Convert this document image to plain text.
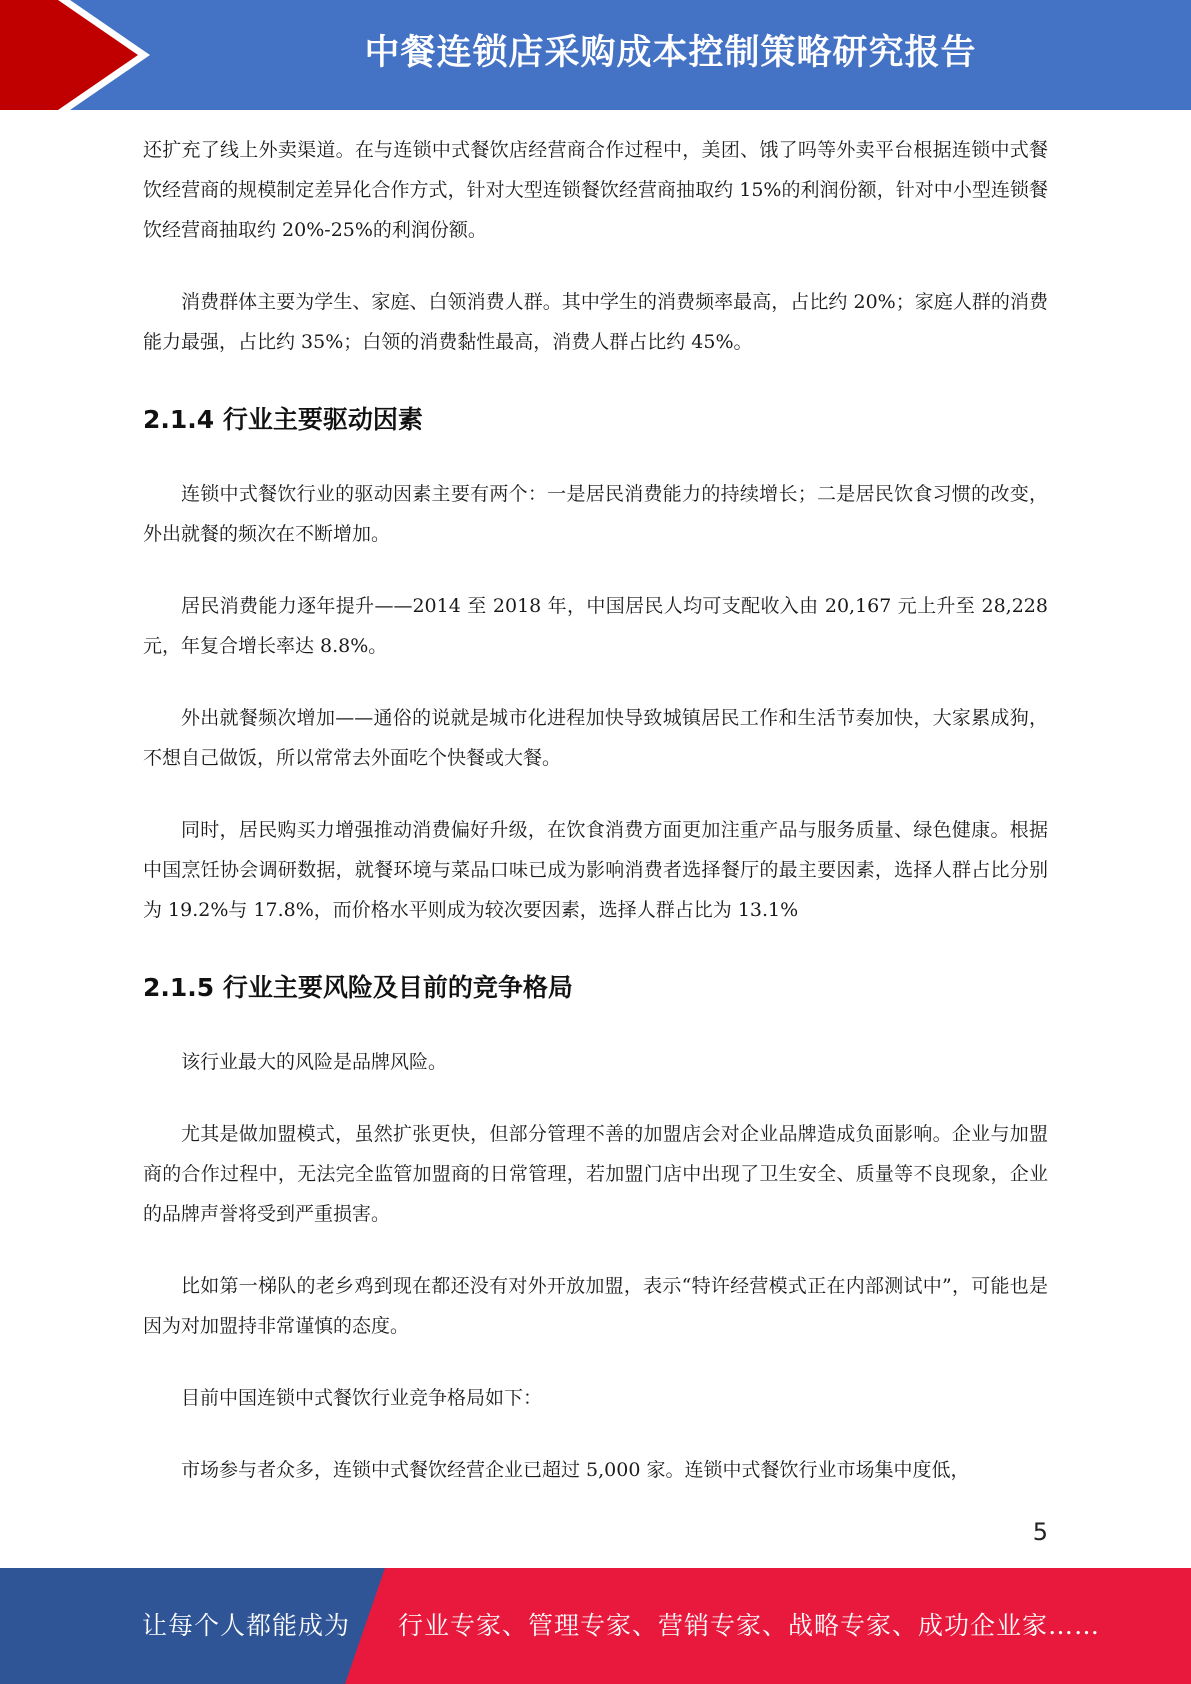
中餐连锁店采购成本控制策略研究报告

还扩充了线上外卖渠道。在与连锁中式餐饮店经营商合作过程中，美团、饿了吗等外卖平台根据连锁中式餐饮经营商的规模制定差异化合作方式，针对大型连锁餐饮经营商抽取约 15%的利润份额，针对中小型连锁餐饮经营商抽取约 20%-25%的利润份额。

消费群体主要为学生、家庭、白领消费人群。其中学生的消费频率最高，占比约 20%；家庭人群的消费能力最强，占比约 35%；白领的消费黏性最高，消费人群占比约 45%。

2.1.4 行业主要驱动因素

连锁中式餐饮行业的驱动因素主要有两个：一是居民消费能力的持续增长；二是居民饮食习惯的改变，外出就餐的频次在不断增加。

居民消费能力逐年提升——2014 至 2018 年，中国居民人均可支配收入由 20,167 元上升至 28,228 元，年复合增长率达 8.8%。

外出就餐频次增加——通俗的说就是城市化进程加快导致城镇居民工作和生活节奏加快，大家累成狗，不想自己做饭，所以常常去外面吃个快餐或大餐。

同时，居民购买力增强推动消费偏好升级，在饮食消费方面更加注重产品与服务质量、绿色健康。根据中国烹饪协会调研数据，就餐环境与菜品口味已成为影响消费者选择餐厅的最主要因素，选择人群占比分别为 19.2%与 17.8%，而价格水平则成为较次要因素，选择人群占比为 13.1%

2.1.5 行业主要风险及目前的竞争格局

该行业最大的风险是品牌风险。

尤其是做加盟模式，虽然扩张更快，但部分管理不善的加盟店会对企业品牌造成负面影响。企业与加盟商的合作过程中，无法完全监管加盟商的日常管理，若加盟门店中出现了卫生安全、质量等不良现象，企业的品牌声誉将受到严重损害。

比如第一梯队的老乡鸡到现在都还没有对外开放加盟，表示“特许经营模式正在内部测试中”，可能也是因为对加盟持非常谨慎的态度。

目前中国连锁中式餐饮行业竞争格局如下：

市场参与者众多，连锁中式餐饮经营企业已超过 5,000 家。连锁中式餐饮行业市场集中度低，

5
让每个人都能成为 行业专家、管理专家、营销专家、战略专家、成功企业家……
